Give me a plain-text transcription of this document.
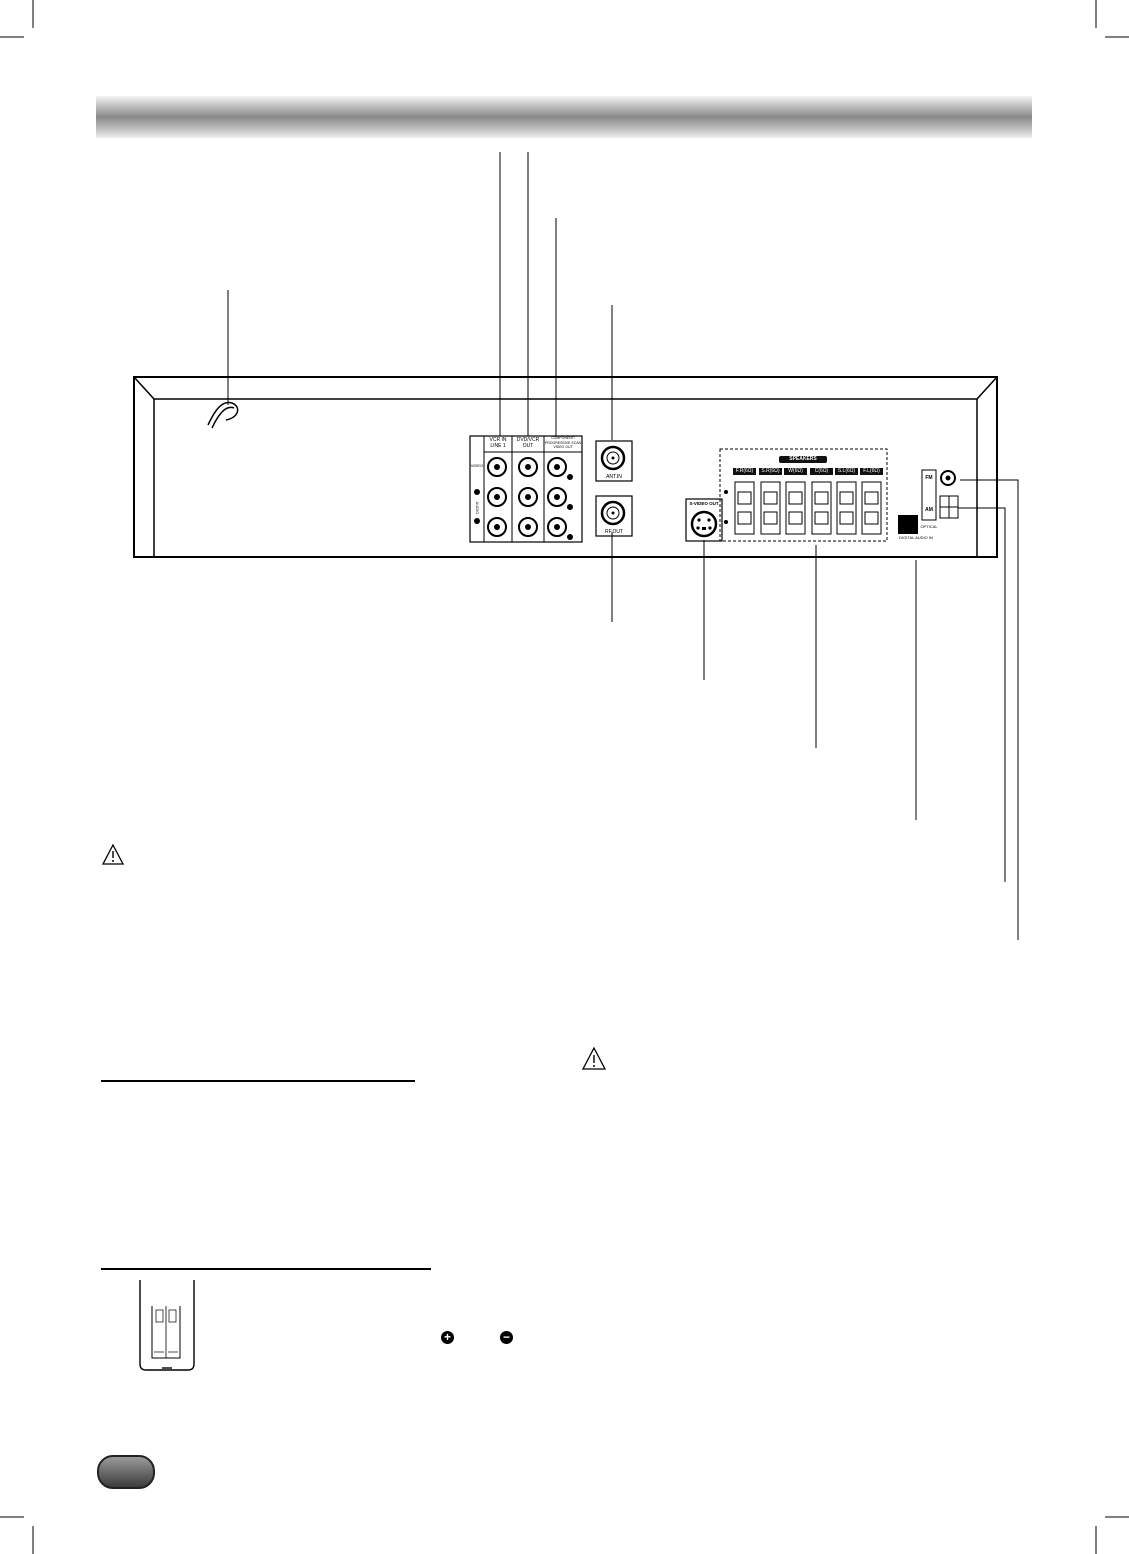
VCR IN
LINE 1
DVD/VCR
OUT
COMPONENT/
PROGRESSIVE SCAN
VIDEO OUT
VIDEO
AUDIO
ANT.IN
RF.OUT
S-VIDEO OUT
SPEAKERS
F.R(6Ω)	S.R(6Ω)	W(6Ω)	C(6Ω)	S.L(6Ω)	F.L(6Ω)
OPTICAL
DIGITAL AUDIO IN
FM
AM
+	−
